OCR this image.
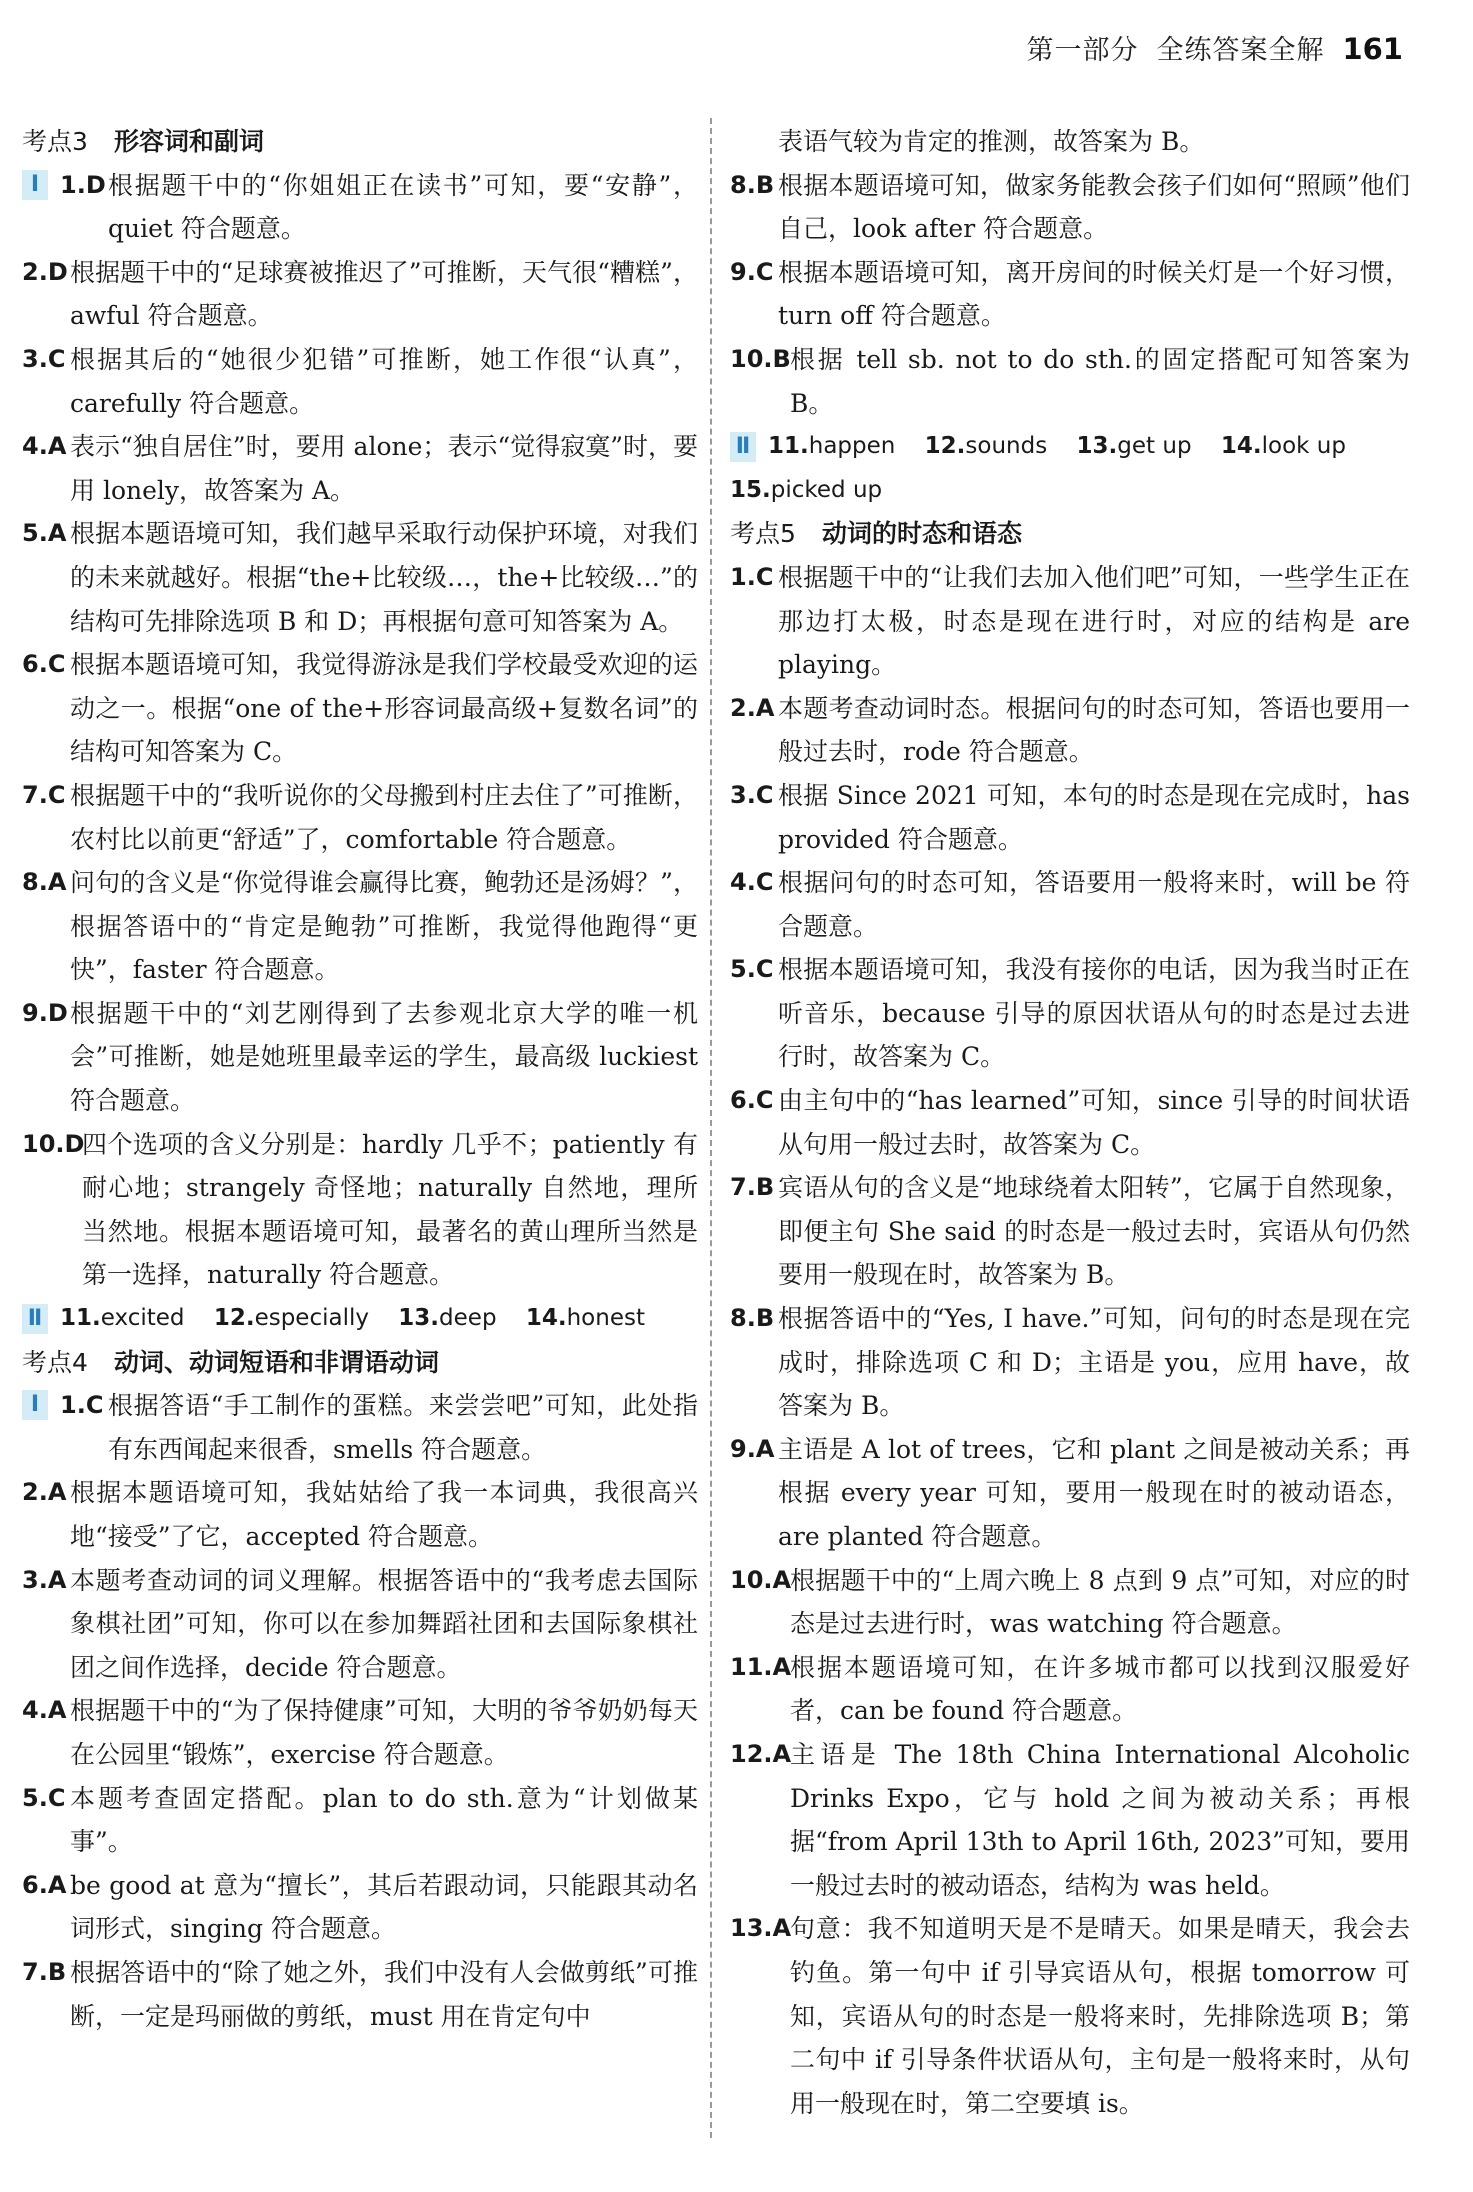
第一部分 全练答案全解 161
考点3 形容词和副词
Ⅰ 1.D 根据题干中的“你姐姐正在读书”可知，要“安静”，quiet 符合题意。
2.D 根据题干中的“足球赛被推迟了”可推断，天气很“糟糕”，awful 符合题意。
3.C 根据其后的“她很少犯错”可推断，她工作很“认真”，carefully 符合题意。
4.A 表示“独自居住”时，要用 alone；表示“觉得寂寞”时，要用 lonely，故答案为 A。
5.A 根据本题语境可知，我们越早采取行动保护环境，对我们的未来就越好。根据“the+比较级…，the+比较级…”的结构可先排除选项 B 和 D；再根据句意可知答案为 A。
6.C 根据本题语境可知，我觉得游泳是我们学校最受欢迎的运动之一。根据“one of the+形容词最高级+复数名词”的结构可知答案为 C。
7.C 根据题干中的“我听说你的父母搬到村庄去住了”可推断，农村比以前更“舒适”了，comfortable 符合题意。
8.A 问句的含义是“你觉得谁会赢得比赛，鲍勃还是汤姆？”，根据答语中的“肯定是鲍勃”可推断，我觉得他跑得“更快”，faster 符合题意。
9.D 根据题干中的“刘艺刚得到了去参观北京大学的唯一机会”可推断，她是她班里最幸运的学生，最高级 luckiest 符合题意。
10.D
四个选项的含义分别是：hardly 几乎不；patiently 有耐心地；strangely 奇怪地；naturally 自然地，理所当然地。根据本题语境可知，最著名的黄山理所当然是第一选择，naturally 符合题意。
Ⅱ 11.excited 12.especially 13.deep 14.honest
考点4 动词、动词短语和非谓语动词
Ⅰ 1.C 根据答语“手工制作的蛋糕。来尝尝吧”可知，此处指有东西闻起来很香，smells 符合题意。
2.A 根据本题语境可知，我姑姑给了我一本词典，我很高兴地“接受”了它，accepted 符合题意。
3.A 本题考查动词的词义理解。根据答语中的“我考虑去国际象棋社团”可知，你可以在参加舞蹈社团和去国际象棋社团之间作选择，decide 符合题意。
4.A 根据题干中的“为了保持健康”可知，大明的爷爷奶奶每天在公园里“锻炼”，exercise 符合题意。
5.C 本题考查固定搭配。plan to do sth.意为“计划做某事”。
6.A be good at 意为“擅长”，其后若跟动词，只能跟其动名词形式，singing 符合题意。
7.B 根据答语中的“除了她之外，我们中没有人会做剪纸”可推断，一定是玛丽做的剪纸，must 用在肯定句中
表语气较为肯定的推测，故答案为 B。
8.B 根据本题语境可知，做家务能教会孩子们如何“照顾”他们自己，look after 符合题意。
9.C 根据本题语境可知，离开房间的时候关灯是一个好习惯，turn off 符合题意。
10.B 根据 tell sb. not to do sth.的固定搭配可知答案为 B。
Ⅱ 11.happen 12.sounds 13.get up 14.look up
15.picked up
考点5 动词的时态和语态
1.C 根据题干中的“让我们去加入他们吧”可知，一些学生正在那边打太极，时态是现在进行时，对应的结构是 are playing。
2.A 本题考查动词时态。根据问句的时态可知，答语也要用一般过去时，rode 符合题意。
3.C 根据 Since 2021 可知，本句的时态是现在完成时，has provided 符合题意。
4.C 根据问句的时态可知，答语要用一般将来时，will be 符合题意。
5.C 根据本题语境可知，我没有接你的电话，因为我当时正在听音乐，because 引导的原因状语从句的时态是过去进行时，故答案为 C。
6.C 由主句中的“has learned”可知，since 引导的时间状语从句用一般过去时，故答案为 C。
7.B 宾语从句的含义是“地球绕着太阳转”，它属于自然现象，即便主句 She said 的时态是一般过去时，宾语从句仍然要用一般现在时，故答案为 B。
8.B 根据答语中的“Yes, I have.”可知，问句的时态是现在完成时，排除选项 C 和 D；主语是 you，应用 have，故答案为 B。
9.A 主语是 A lot of trees，它和 plant 之间是被动关系；再根据 every year 可知，要用一般现在时的被动语态，are planted 符合题意。
10.A
根据题干中的“上周六晚上 8 点到 9 点”可知，对应的时态是过去进行时，was watching 符合题意。
11.A
根据本题语境可知，在许多城市都可以找到汉服爱好者，can be found 符合题意。
12.A
主语是 The 18th China International Alcoholic Drinks Expo，它与 hold 之间为被动关系；再根据“from April 13th to April 16th, 2023”可知，要用一般过去时的被动语态，结构为 was held。
13.A
句意：我不知道明天是不是晴天。如果是晴天，我会去钓鱼。第一句中 if 引导宾语从句，根据 tomorrow 可知，宾语从句的时态是一般将来时，先排除选项 B；第二句中 if 引导条件状语从句，主句是一般将来时，从句用一般现在时，第二空要填 is。
